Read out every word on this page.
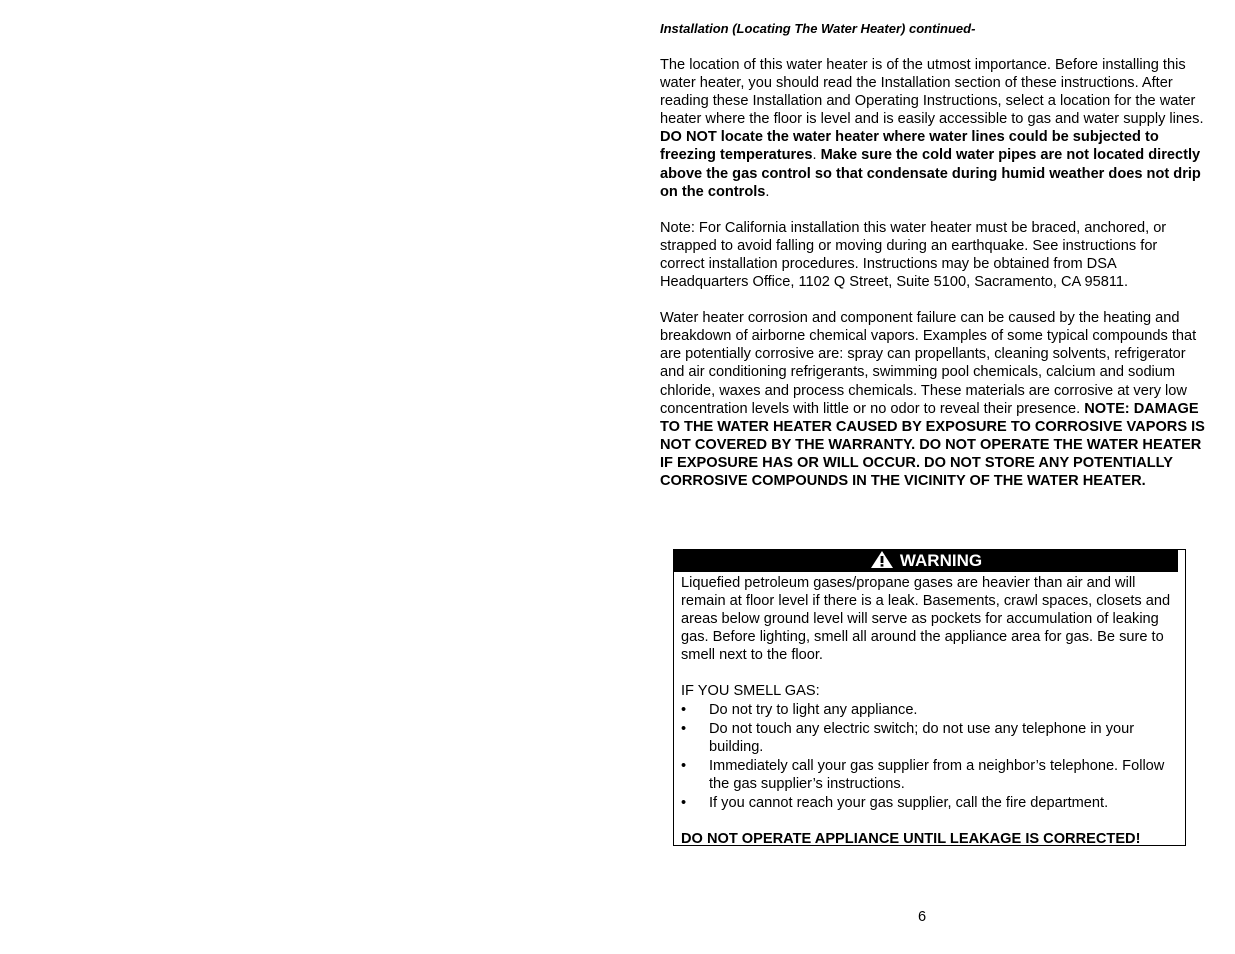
Installation (Locating The Water Heater) continued-

The location of this water heater is of the utmost importance. Before installing this water heater, you should read the Installation section of these instructions. After reading these Installation and Operating Instructions, select a location for the water heater where the floor is level and is easily accessible to gas and water supply lines. DO NOT locate the water heater where water lines could be subjected to freezing temperatures. Make sure the cold water pipes are not located directly above the gas control so that condensate during humid weather does not drip on the controls.

Note: For California installation this water heater must be braced, anchored, or strapped to avoid falling or moving during an earthquake. See instructions for correct installation procedures. Instructions may be obtained from DSA Headquarters Office, 1102 Q Street, Suite 5100, Sacramento, CA 95811.

Water heater corrosion and component failure can be caused by the heating and breakdown of airborne chemical vapors. Examples of some typical compounds that are potentially corrosive are: spray can propellants, cleaning solvents, refrigerator and air conditioning refrigerants, swimming pool chemicals, calcium and sodium chloride, waxes and process chemicals. These materials are corrosive at very low concentration levels with little or no odor to reveal their presence. NOTE: DAMAGE TO THE WATER HEATER CAUSED BY EXPOSURE TO CORROSIVE VAPORS IS NOT COVERED BY THE WARRANTY. DO NOT OPERATE THE WATER HEATER IF EXPOSURE HAS OR WILL OCCUR. DO NOT STORE ANY POTENTIALLY CORROSIVE COMPOUNDS IN THE VICINITY OF THE WATER HEATER.

WARNING

Liquefied petroleum gases/propane gases are heavier than air and will remain at floor level if there is a leak. Basements, crawl spaces, closets and areas below ground level will serve as pockets for accumulation of leaking gas. Before lighting, smell all around the appliance area for gas. Be sure to smell next to the floor.

IF YOU SMELL GAS:
• Do not try to light any appliance.
• Do not touch any electric switch; do not use any telephone in your building.
• Immediately call your gas supplier from a neighbor’s telephone. Follow the gas supplier’s instructions.
• If you cannot reach your gas supplier, call the fire department.
DO NOT OPERATE APPLIANCE UNTIL LEAKAGE IS CORRECTED!
6
